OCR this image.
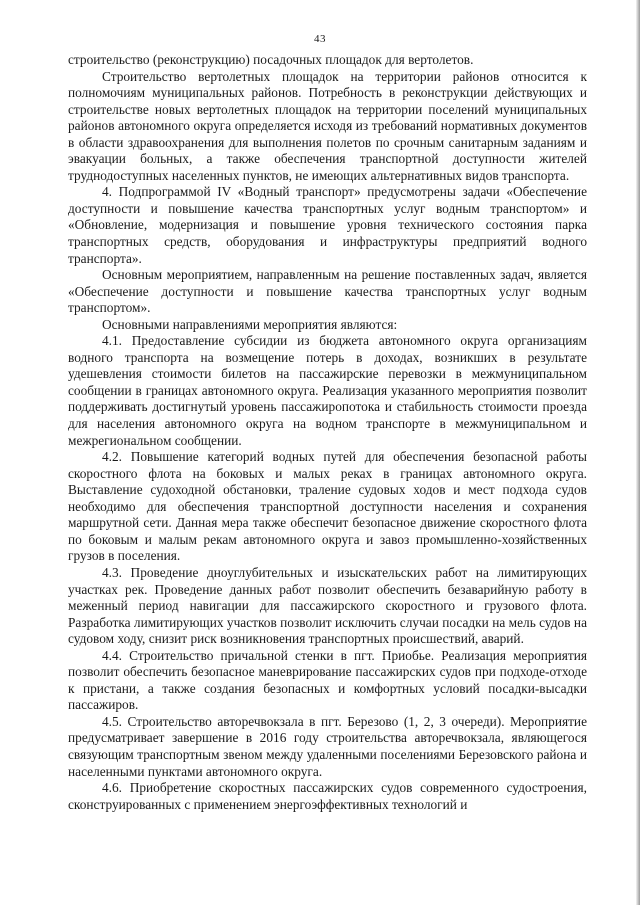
43

строительство (реконструкцию) посадочных площадок для вертолетов.

Строительство вертолетных площадок на территории районов относится к полномочиям муниципальных районов. Потребность в реконструкции действующих и строительстве новых вертолетных площадок на территории поселений муниципальных районов автономного округа определяется исходя из требований нормативных документов в области здравоохранения для выполнения полетов по срочным санитарным заданиям и эвакуации больных, а также обеспечения транспортной доступности жителей труднодоступных населенных пунктов, не имеющих альтернативных видов транспорта.

4. Подпрограммой IV «Водный транспорт» предусмотрены задачи «Обеспечение доступности и повышение качества транспортных услуг водным транспортом» и «Обновление, модернизация и повышение уровня технического состояния парка транспортных средств, оборудования и инфраструктуры предприятий водного транспорта».

Основным мероприятием, направленным на решение поставленных задач, является «Обеспечение доступности и повышение качества транспортных услуг водным транспортом».

Основными направлениями мероприятия являются:

4.1. Предоставление субсидии из бюджета автономного округа организациям водного транспорта на возмещение потерь в доходах, возникших в результате удешевления стоимости билетов на пассажирские перевозки в межмуниципальном сообщении в границах автономного округа. Реализация указанного мероприятия позволит поддерживать достигнутый уровень пассажиропотока и стабильность стоимости проезда для населения автономного округа на водном транспорте в межмуниципальном и межрегиональном сообщении.

4.2. Повышение категорий водных путей для обеспечения безопасной работы скоростного флота на боковых и малых реках в границах автономного округа. Выставление судоходной обстановки, траление судовых ходов и мест подхода судов необходимо для обеспечения транспортной доступности населения и сохранения маршрутной сети. Данная мера также обеспечит безопасное движение скоростного флота по боковым и малым рекам автономного округа и завоз промышленно-хозяйственных грузов в поселения.

4.3. Проведение дноуглубительных и изыскательских работ на лимитирующих участках рек. Проведение данных работ позволит обеспечить безаварийную работу в меженный период навигации для пассажирского скоростного и грузового флота. Разработка лимитирующих участков позволит исключить случаи посадки на мель судов на судовом ходу, снизит риск возникновения транспортных происшествий, аварий.

4.4. Строительство причальной стенки в пгт. Приобье. Реализация мероприятия позволит обеспечить безопасное маневрирование пассажирских судов при подходе-отходе к пристани, а также создания безопасных и комфортных условий посадки-высадки пассажиров.

4.5. Строительство авторечвокзала в пгт. Березово (1, 2, 3 очереди). Мероприятие предусматривает завершение в 2016 году строительства авторечвокзала, являющегося связующим транспортным звеном между удаленными поселениями Березовского района и населенными пунктами автономного округа.

4.6. Приобретение скоростных пассажирских судов современного судостроения, сконструированных с применением энергоэффективных технологий и
